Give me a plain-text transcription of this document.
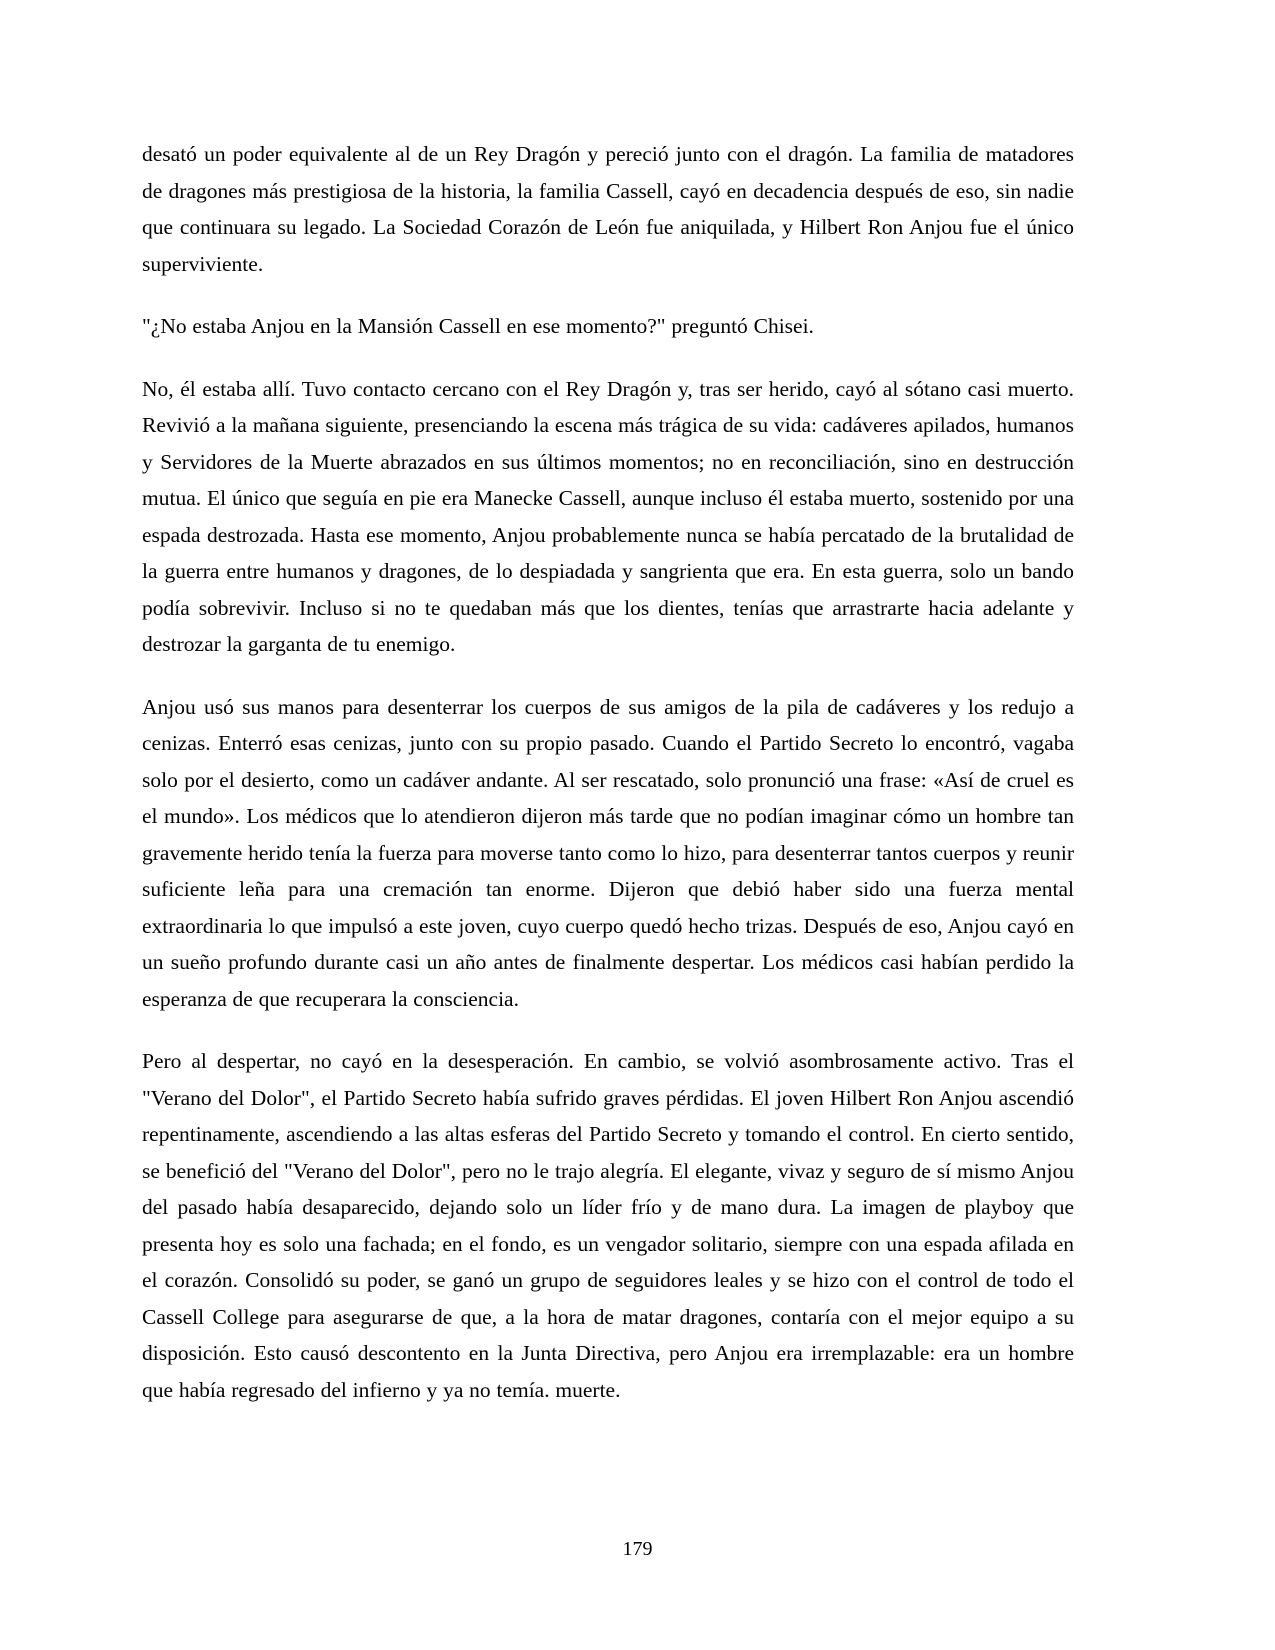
desató un poder equivalente al de un Rey Dragón y pereció junto con el dragón. La familia de matadores de dragones más prestigiosa de la historia, la familia Cassell, cayó en decadencia después de eso, sin nadie que continuara su legado. La Sociedad Corazón de León fue aniquilada, y Hilbert Ron Anjou fue el único superviviente.

"¿No estaba Anjou en la Mansión Cassell en ese momento?" preguntó Chisei.

No, él estaba allí. Tuvo contacto cercano con el Rey Dragón y, tras ser herido, cayó al sótano casi muerto. Revivió a la mañana siguiente, presenciando la escena más trágica de su vida: cadáveres apilados, humanos y Servidores de la Muerte abrazados en sus últimos momentos; no en reconciliación, sino en destrucción mutua. El único que seguía en pie era Manecke Cassell, aunque incluso él estaba muerto, sostenido por una espada destrozada. Hasta ese momento, Anjou probablemente nunca se había percatado de la brutalidad de la guerra entre humanos y dragones, de lo despiadada y sangrienta que era. En esta guerra, solo un bando podía sobrevivir. Incluso si no te quedaban más que los dientes, tenías que arrastrarte hacia adelante y destrozar la garganta de tu enemigo.

Anjou usó sus manos para desenterrar los cuerpos de sus amigos de la pila de cadáveres y los redujo a cenizas. Enterró esas cenizas, junto con su propio pasado. Cuando el Partido Secreto lo encontró, vagaba solo por el desierto, como un cadáver andante. Al ser rescatado, solo pronunció una frase: «Así de cruel es el mundo». Los médicos que lo atendieron dijeron más tarde que no podían imaginar cómo un hombre tan gravemente herido tenía la fuerza para moverse tanto como lo hizo, para desenterrar tantos cuerpos y reunir suficiente leña para una cremación tan enorme. Dijeron que debió haber sido una fuerza mental extraordinaria lo que impulsó a este joven, cuyo cuerpo quedó hecho trizas. Después de eso, Anjou cayó en un sueño profundo durante casi un año antes de finalmente despertar. Los médicos casi habían perdido la esperanza de que recuperara la consciencia.

Pero al despertar, no cayó en la desesperación. En cambio, se volvió asombrosamente activo. Tras el "Verano del Dolor", el Partido Secreto había sufrido graves pérdidas. El joven Hilbert Ron Anjou ascendió repentinamente, ascendiendo a las altas esferas del Partido Secreto y tomando el control. En cierto sentido, se benefició del "Verano del Dolor", pero no le trajo alegría. El elegante, vivaz y seguro de sí mismo Anjou del pasado había desaparecido, dejando solo un líder frío y de mano dura. La imagen de playboy que presenta hoy es solo una fachada; en el fondo, es un vengador solitario, siempre con una espada afilada en el corazón. Consolidó su poder, se ganó un grupo de seguidores leales y se hizo con el control de todo el Cassell College para asegurarse de que, a la hora de matar dragones, contaría con el mejor equipo a su disposición. Esto causó descontento en la Junta Directiva, pero Anjou era irremplazable: era un hombre que había regresado del infierno y ya no temía. muerte.

179
